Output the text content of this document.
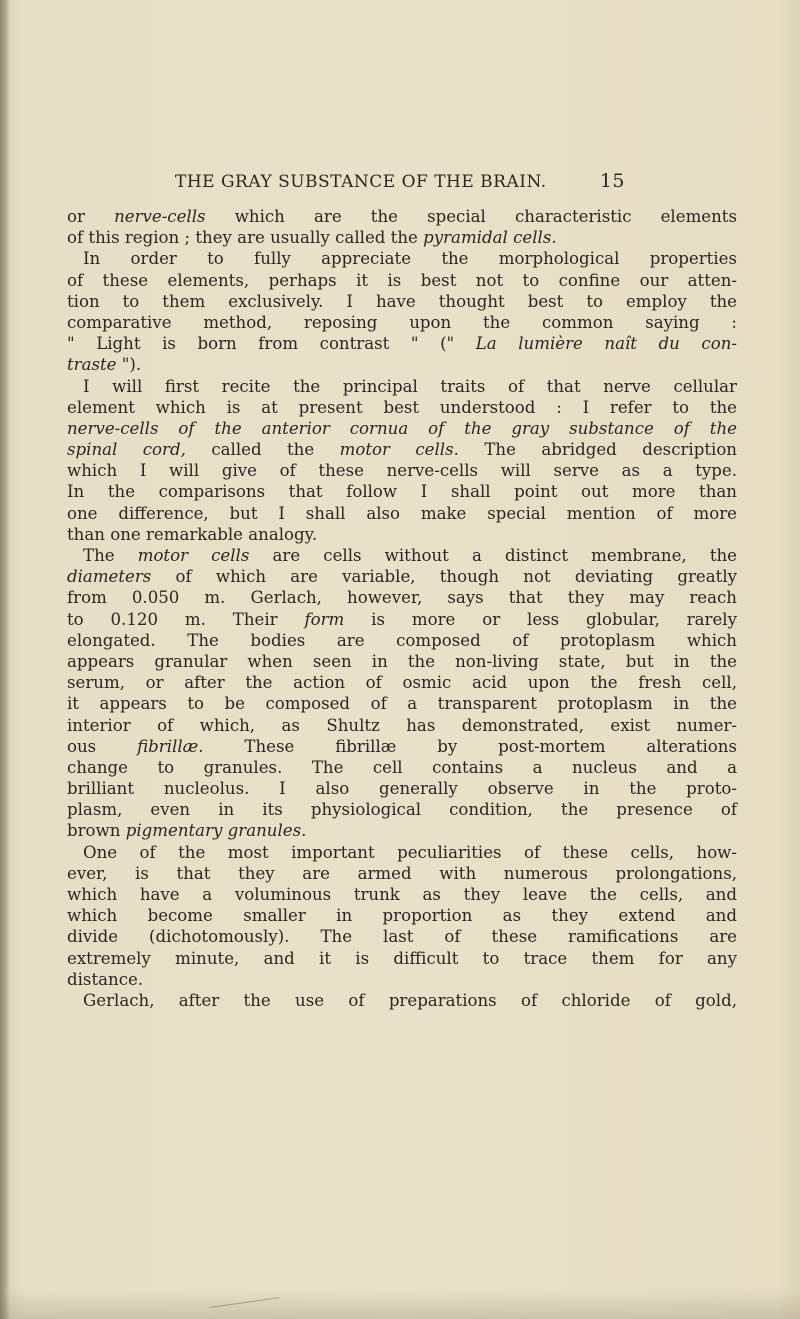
THE GRAY SUBSTANCE OF THE BRAIN.	15
or nerve-cells which are the special characteristic elements
of this region ; they are usually called the pyramidal cells.
In order to fully appreciate the morphological properties
of these elements, perhaps it is best not to confine our atten-
tion to them exclusively. I have thought best to employ the
comparative method, reposing upon the common saying :
" Light is born from contrast " (" La lumière naît du con-
traste ").
I will first recite the principal traits of that nerve cellular
element which is at present best understood : I refer to the
nerve-cells of the anterior cornua of the gray substance of the
spinal cord, called the motor cells. The abridged description
which I will give of these nerve-cells will serve as a type.
In the comparisons that follow I shall point out more than
one difference, but I shall also make special mention of more
than one remarkable analogy.
The motor cells are cells without a distinct membrane, the
diameters of which are variable, though not deviating greatly
from 0.050 m. Gerlach, however, says that they may reach
to 0.120 m. Their form is more or less globular, rarely
elongated. The bodies are composed of protoplasm which
appears granular when seen in the non-living state, but in the
serum, or after the action of osmic acid upon the fresh cell,
it appears to be composed of a transparent protoplasm in the
interior of which, as Shultz has demonstrated, exist numer-
ous fibrillæ. These fibrillæ by post-mortem alterations
change to granules. The cell contains a nucleus and a
brilliant nucleolus. I also generally observe in the proto-
plasm, even in its physiological condition, the presence of
brown pigmentary granules.
One of the most important peculiarities of these cells, how-
ever, is that they are armed with numerous prolongations,
which have a voluminous trunk as they leave the cells, and
which become smaller in proportion as they extend and
divide (dichotomously). The last of these ramifications are
extremely minute, and it is difficult to trace them for any
distance.
Gerlach, after the use of preparations of chloride of gold,
